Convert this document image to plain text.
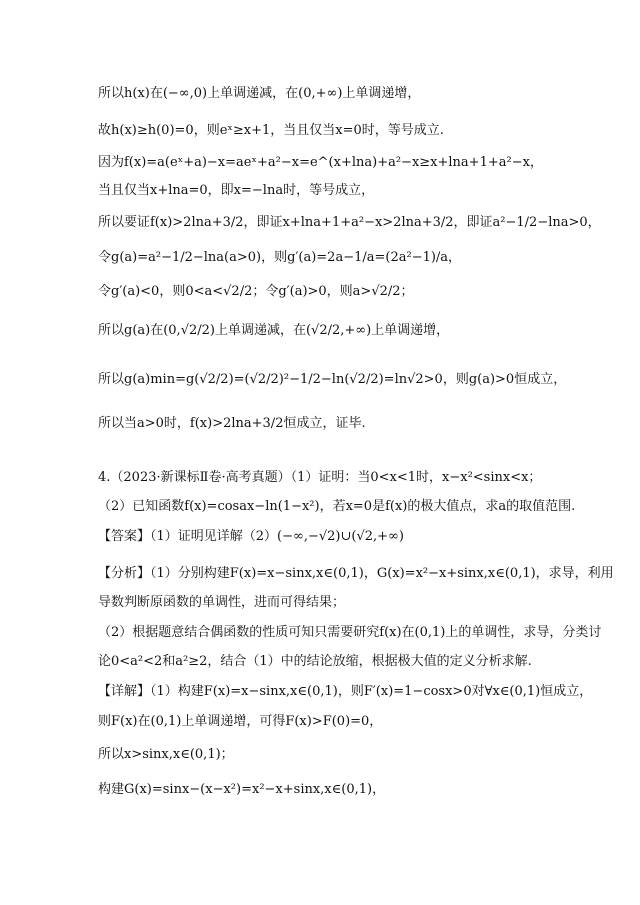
所以h(x)在(−∞,0)上单调递减，在(0,+∞)上单调递增，
故h(x)≥h(0)=0，则eˣ≥x+1，当且仅当x=0时，等号成立.
因为f(x)=a(eˣ+a)−x=aeˣ+a²−x=e^(x+lna)+a²−x≥x+lna+1+a²−x，
当且仅当x+lna=0，即x=−lna时，等号成立，
所以要证f(x)>2lna+3/2，即证x+lna+1+a²−x>2lna+3/2，即证a²−1/2−lna>0，
令g(a)=a²−1/2−lna(a>0)，则g′(a)=2a−1/a=(2a²−1)/a，
令g′(a)<0，则0<a<√2/2；令g′(a)>0，则a>√2/2；
所以g(a)在(0,√2/2)上单调递减，在(√2/2,+∞)上单调递增，
所以g(a)min=g(√2/2)=(√2/2)²−1/2−ln(√2/2)=ln√2>0，则g(a)>0恒成立，
所以当a>0时，f(x)>2lna+3/2恒成立，证毕.
4.（2023·新课标Ⅱ卷·高考真题）（1）证明：当0<x<1时，x−x²<sinx<x；
（2）已知函数f(x)=cosax−ln(1−x²)，若x=0是f(x)的极大值点，求a的取值范围.
【答案】（1）证明见详解（2）(−∞,−√2)∪(√2,+∞)
【分析】（1）分别构建F(x)=x−sinx,x∈(0,1)，G(x)=x²−x+sinx,x∈(0,1)，求导，利用
导数判断原函数的单调性，进而可得结果；
（2）根据题意结合偶函数的性质可知只需要研究f(x)在(0,1)上的单调性，求导，分类讨
论0<a²<2和a²≥2，结合（1）中的结论放缩，根据极大值的定义分析求解.
【详解】（1）构建F(x)=x−sinx,x∈(0,1)，则F′(x)=1−cosx>0对∀x∈(0,1)恒成立，
则F(x)在(0,1)上单调递增，可得F(x)>F(0)=0，
所以x>sinx,x∈(0,1)；
构建G(x)=sinx−(x−x²)=x²−x+sinx,x∈(0,1)，
